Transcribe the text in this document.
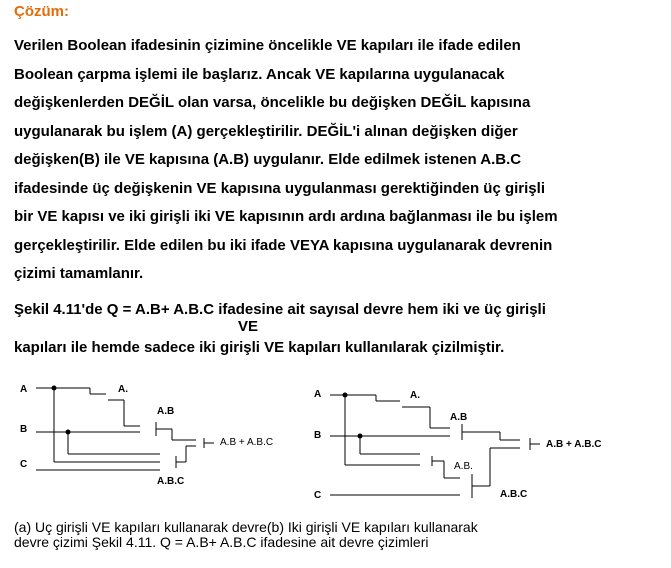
Çözüm:
Verilen Boolean ifadesinin çizimine öncelikle VE kapıları ile ifade edilen
Boolean çarpma işlemi ile başlarız. Ancak VE kapılarına uygulanacak
değişkenlerden DEĞİL olan varsa, öncelikle bu değişken DEĞİL kapısına
uygulanarak bu işlem (A) gerçekleştirilir. DEĞİL'i alınan değişken diğer
değişken(B) ile VE kapısına (A.B) uygulanır. Elde edilmek istenen A.B.C
ifadesinde üç değişkenin VE kapısına uygulanması gerektiğinden üç girişli
bir VE kapısı ve iki girişli iki VE kapısının ardı ardına bağlanması ile bu işlem
gerçekleştirilir. Elde edilen bu iki ifade VEYA kapısına uygulanarak devrenin
çizimi tamamlanır.
Şekil 4.11'de Q = A.B+ A.B.C ifadesine ait sayısal devre hem iki ve üç girişli
VE
kapıları ile hemde sadece iki girişli VE kapıları kullanılarak çizilmiştir.
A
B
C
A.
A.B
A.B + A.B.C
A.B.C
A
B
C
A.
A.B
A.B.
A.B + A.B.C
A.B.C
(a) Uç girişli VE kapıları kullanarak devre(b) Iki girişli VE kapıları kullanarak
devre çizimi Şekil 4.11. Q = A.B+ A.B.C ifadesine ait devre çizimleri
